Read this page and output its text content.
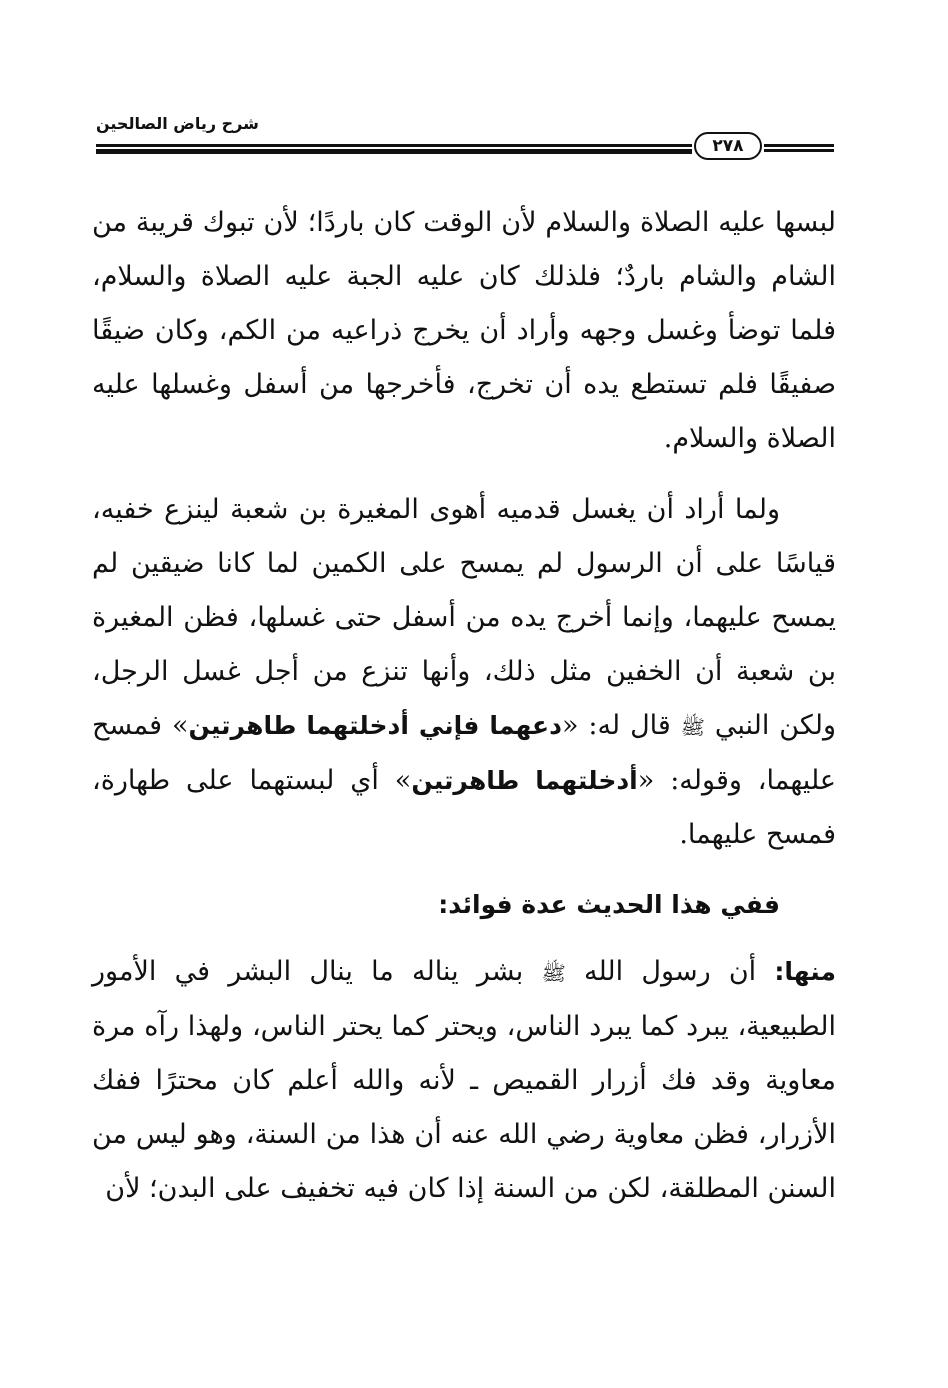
شرح رياض الصالحين
٢٧٨

لبسها عليه الصلاة والسلام لأن الوقت كان باردًا؛ لأن تبوك قريبة من الشام والشام باردٌ؛ فلذلك كان عليه الجبة عليه الصلاة والسلام، فلما توضأ وغسل وجهه وأراد أن يخرج ذراعيه من الكم، وكان ضيقًا صفيقًا فلم تستطع يده أن تخرج، فأخرجها من أسفل وغسلها عليه الصلاة والسلام.

ولما أراد أن يغسل قدميه أهوى المغيرة بن شعبة لينزع خفيه، قياسًا على أن الرسول لم يمسح على الكمين لما كانا ضيقين لم يمسح عليهما، وإنما أخرج يده من أسفل حتى غسلها، فظن المغيرة بن شعبة أن الخفين مثل ذلك، وأنها تنزع من أجل غسل الرجل، ولكن النبي ﷺ قال له: «دعهما فإني أدخلتهما طاهرتين» فمسح عليهما، وقوله: «أدخلتهما طاهرتين» أي لبستهما على طهارة، فمسح عليهما.

ففي هذا الحديث عدة فوائد:

منها: أن رسول الله ﷺ بشر يناله ما ينال البشر في الأمور الطبيعية، يبرد كما يبرد الناس، ويحتر كما يحتر الناس، ولهذا رآه مرة معاوية وقد فك أزرار القميص ـ لأنه والله أعلم كان محترًا ففك الأزرار، فظن معاوية رضي الله عنه أن هذا من السنة، وهو ليس من السنن المطلقة، لكن من السنة إذا كان فيه تخفيف على البدن؛ لأن
